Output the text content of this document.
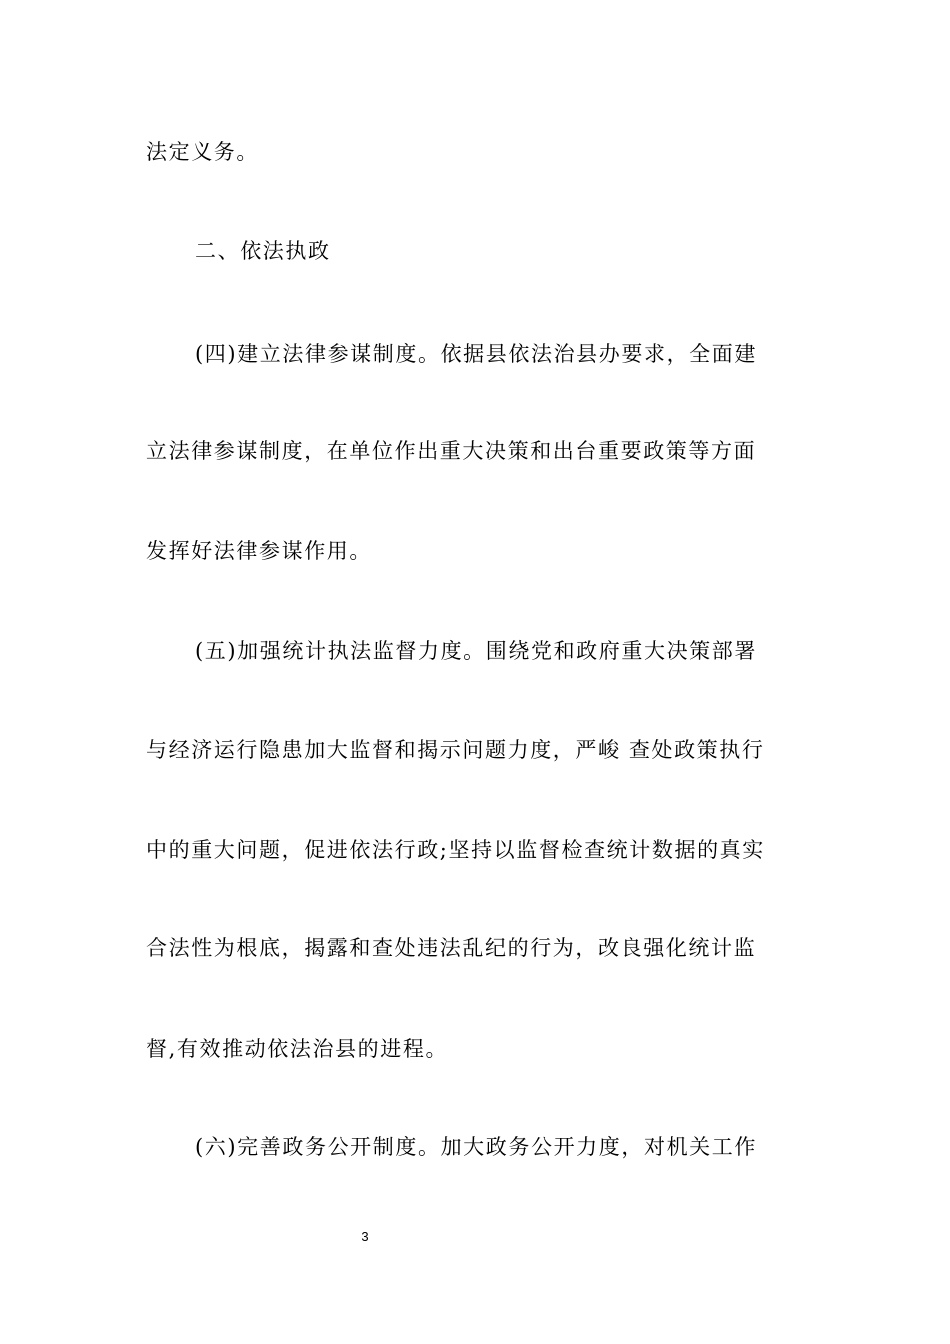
法定义务。
二、依法执政
(四)建立法律参谋制度。依据县依法治县办要求，全面建
立法律参谋制度，在单位作出重大决策和出台重要政策等方面
发挥好法律参谋作用。
(五)加强统计执法监督力度。围绕党和政府重大决策部署
与经济运行隐患加大监督和揭示问题力度，严峻 查处政策执行
中的重大问题，促进依法行政;坚持以监督检查统计数据的真实
合法性为根底，揭露和查处违法乱纪的行为，改良强化统计监
督,有效推动依法治县的进程。
(六)完善政务公开制度。加大政务公开力度，对机关工作
3
